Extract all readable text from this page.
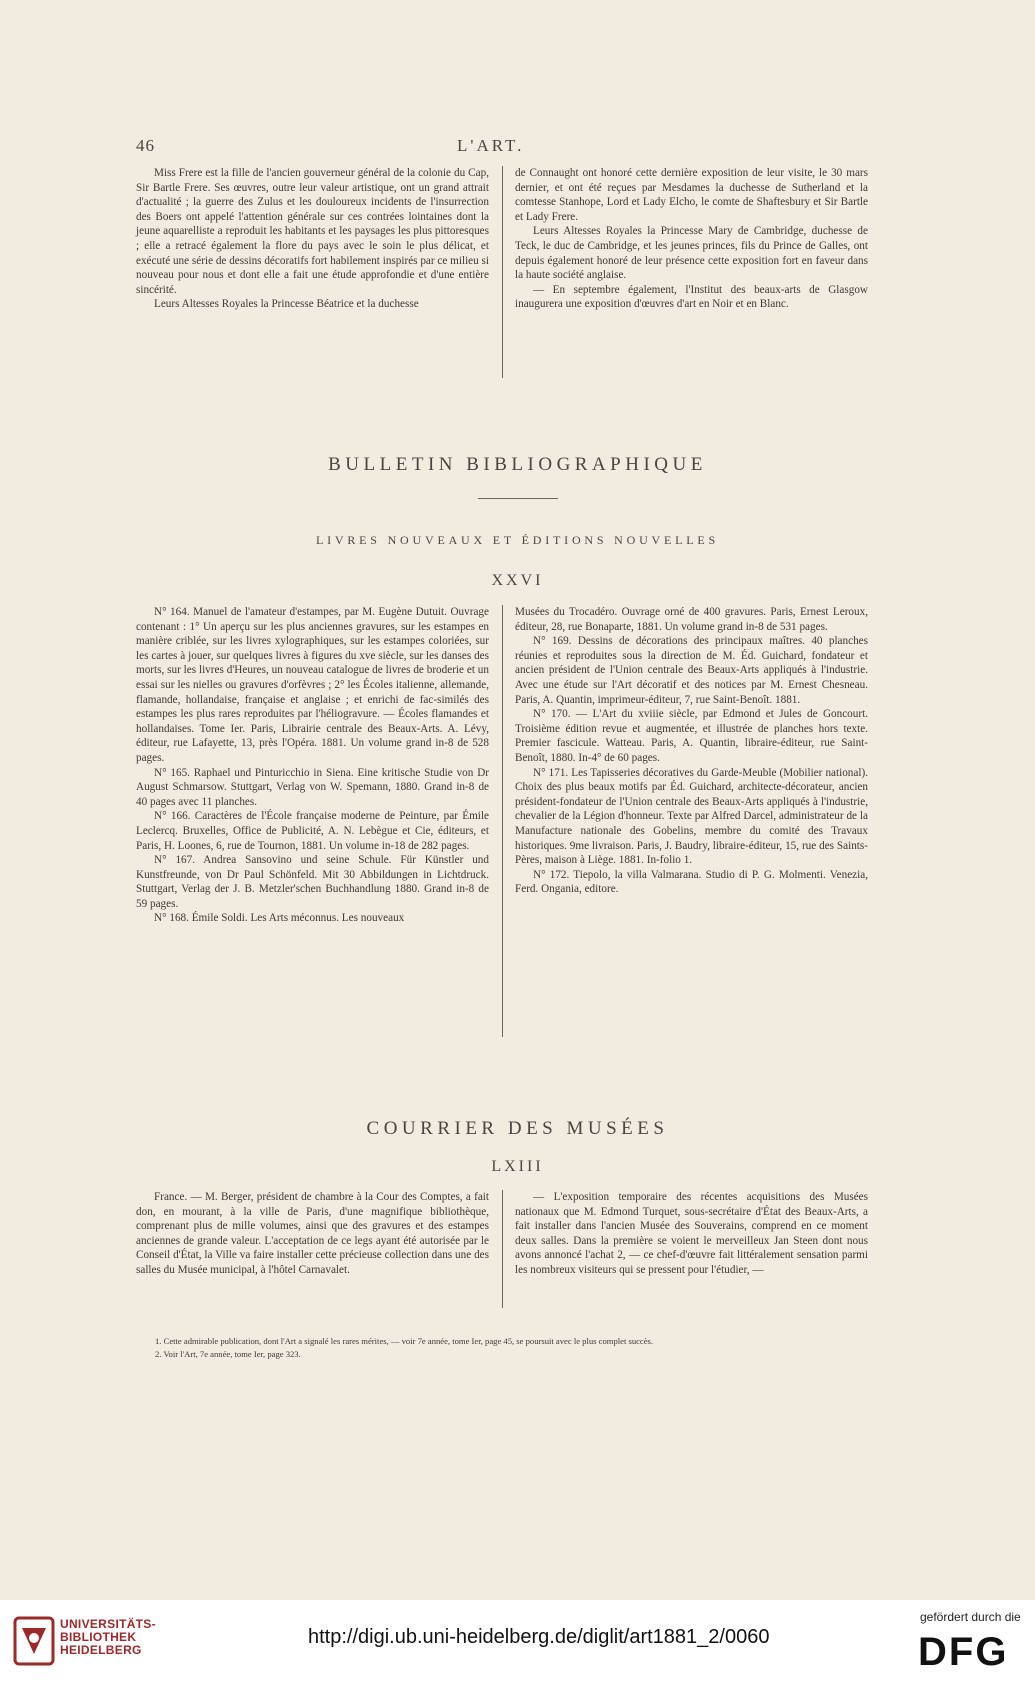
46	L'ART.

Miss Frere est la fille de l'ancien gouverneur général de la colonie du Cap, Sir Bartle Frere. Ses œuvres, outre leur valeur artistique, ont un grand attrait d'actualité ; la guerre des Zulus et les douloureux incidents de l'insurrection des Boers ont appelé l'attention générale sur ces contrées lointaines dont la jeune aquarelliste a reproduit les habitants et les paysages les plus pittoresques ; elle a retracé également la flore du pays avec le soin le plus délicat, et exécuté une série de dessins décoratifs fort habilement inspirés par ce milieu si nouveau pour nous et dont elle a fait une étude approfondie et d'une entière sincérité.

Leurs Altesses Royales la Princesse Béatrice et la duchesse

de Connaught ont honoré cette dernière exposition de leur visite, le 30 mars dernier, et ont été reçues par Mesdames la duchesse de Sutherland et la comtesse Stanhope, Lord et Lady Elcho, le comte de Shaftesbury et Sir Bartle et Lady Frere.

Leurs Altesses Royales la Princesse Mary de Cambridge, duchesse de Teck, le duc de Cambridge, et les jeunes princes, fils du Prince de Galles, ont depuis également honoré de leur présence cette exposition fort en faveur dans la haute société anglaise.

— En septembre également, l'Institut des beaux-arts de Glasgow inaugurera une exposition d'œuvres d'art en Noir et en Blanc.

BULLETIN BIBLIOGRAPHIQUE
LIVRES NOUVEAUX ET ÉDITIONS NOUVELLES
XXVI

N° 164. Manuel de l'amateur d'estampes, par M. Eugène Dutuit. Ouvrage contenant : 1° Un aperçu sur les plus anciennes gravures, sur les estampes en manière criblée, sur les livres xylographiques, sur les estampes coloriées, sur les cartes à jouer, sur quelques livres à figures du xve siècle, sur les danses des morts, sur les livres d'Heures, un nouveau catalogue de livres de broderie et un essai sur les nielles ou gravures d'orfèvres ; 2° les Écoles italienne, allemande, flamande, hollandaise, française et anglaise ; et enrichi de fac-similés des estampes les plus rares reproduites par l'héliogravure. — Écoles flamandes et hollandaises. Tome Ier. Paris, Librairie centrale des Beaux-Arts. A. Lévy, éditeur, rue Lafayette, 13, près l'Opéra. 1881. Un volume grand in-8 de 528 pages.

N° 165. Raphael und Pinturicchio in Siena. Eine kritische Studie von Dr August Schmarsow. Stuttgart, Verlag von W. Spemann, 1880. Grand in-8 de 40 pages avec 11 planches.

N° 166. Caractères de l'École française moderne de Peinture, par Émile Leclercq. Bruxelles, Office de Publicité, A. N. Lebègue et Cie, éditeurs, et Paris, H. Loones, 6, rue de Tournon, 1881. Un volume in-18 de 282 pages.

N° 167. Andrea Sansovino und seine Schule. Für Künstler und Kunstfreunde, von Dr Paul Schönfeld. Mit 30 Abbildungen in Lichtdruck. Stuttgart, Verlag der J. B. Metzler'schen Buchhandlung 1880. Grand in-8 de 59 pages.

N° 168. Émile Soldi. Les Arts méconnus. Les nouveaux

Musées du Trocadéro. Ouvrage orné de 400 gravures. Paris, Ernest Leroux, éditeur, 28, rue Bonaparte, 1881. Un volume grand in-8 de 531 pages.

N° 169. Dessins de décorations des principaux maîtres. 40 planches réunies et reproduites sous la direction de M. Éd. Guichard, fondateur et ancien président de l'Union centrale des Beaux-Arts appliqués à l'industrie. Avec une étude sur l'Art décoratif et des notices par M. Ernest Chesneau. Paris, A. Quantin, imprimeur-éditeur, 7, rue Saint-Benoît. 1881.

N° 170. — L'Art du xviiie siècle, par Edmond et Jules de Goncourt. Troisième édition revue et augmentée, et illustrée de planches hors texte. Premier fascicule. Watteau. Paris, A. Quantin, libraire-éditeur, rue Saint-Benoît, 1880. In-4° de 60 pages.

N° 171. Les Tapisseries décoratives du Garde-Meuble (Mobilier national). Choix des plus beaux motifs par Éd. Guichard, architecte-décorateur, ancien président-fondateur de l'Union centrale des Beaux-Arts appliqués à l'industrie, chevalier de la Légion d'honneur. Texte par Alfred Darcel, administrateur de la Manufacture nationale des Gobelins, membre du comité des Travaux historiques. 9me livraison. Paris, J. Baudry, libraire-éditeur, 15, rue des Saints-Pères, maison à Liège. 1881. In-folio 1.

N° 172. Tiepolo, la villa Valmarana. Studio di P. G. Molmenti. Venezia, Ferd. Ongania, editore.

COURRIER DES MUSÉES
LXIII

France. — M. Berger, président de chambre à la Cour des Comptes, a fait don, en mourant, à la ville de Paris, d'une magnifique bibliothèque, comprenant plus de mille volumes, ainsi que des gravures et des estampes anciennes de grande valeur. L'acceptation de ce legs ayant été autorisée par le Conseil d'État, la Ville va faire installer cette précieuse collection dans une des salles du Musée municipal, à l'hôtel Carnavalet.

— L'exposition temporaire des récentes acquisitions des Musées nationaux que M. Edmond Turquet, sous-secrétaire d'État des Beaux-Arts, a fait installer dans l'ancien Musée des Souverains, comprend en ce moment deux salles. Dans la première se voient le merveilleux Jan Steen dont nous avons annoncé l'achat 2, — ce chef-d'œuvre fait littéralement sensation parmi les nombreux visiteurs qui se pressent pour l'étudier, —

1. Cette admirable publication, dont l'Art a signalé les rares mérites, — voir 7e année, tome Ier, page 45, se poursuit avec le plus complet succès.
2. Voir l'Art, 7e année, tome Ier, page 323.
UNIVERSITÄTS-
BIBLIOTHEK
HEIDELBERG
http://digi.ub.uni-heidelberg.de/diglit/art1881_2/0060
gefördert durch die
DFG
